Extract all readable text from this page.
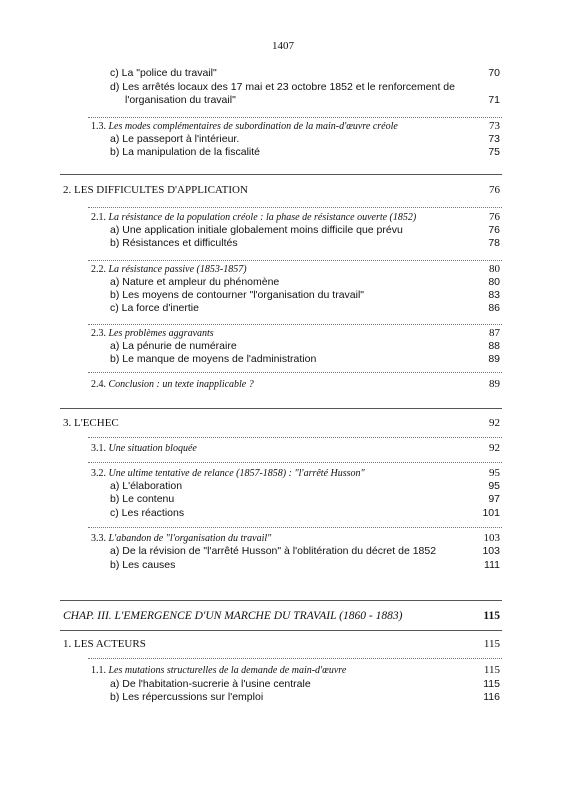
1407
c) La "police du travail"	70
d) Les arrêtés locaux des 17 mai et 23 octobre 1852 et le renforcement de
l'organisation du travail"	71
1.3. Les modes complémentaires de subordination de la main-d'œuvre créole	73
a) Le passeport à l'intérieur.	73
b) La manipulation de la fiscalité	75
2. LES DIFFICULTES D'APPLICATION	76
2.1. La résistance de la population créole : la phase de résistance ouverte (1852)	76
a) Une application initiale globalement moins difficile que prévu	76
b) Résistances et difficultés	78
2.2. La résistance passive (1853-1857)	80
a) Nature et ampleur du phénomène	80
b) Les moyens de contourner "l'organisation du travail"	83
c) La force d'inertie	86
2.3. Les problèmes aggravants	87
a) La pénurie de numéraire	88
b) Le manque de moyens de l'administration	89
2.4. Conclusion : un texte inapplicable ?	89
3. L'ECHEC	92
3.1. Une situation bloquée	92
3.2. Une ultime tentative de relance (1857-1858) : "l'arrêté Husson"	95
a) L'élaboration	95
b) Le contenu	97
c) Les réactions	101
3.3. L'abandon de "l'organisation du travail"	103
a) De la révision de "l'arrêté Husson" à l'oblitération du décret de 1852	103
b) Les causes	111
CHAP. III. L'EMERGENCE D'UN MARCHE DU TRAVAIL (1860 - 1883)	115
1. LES ACTEURS	115
1.1. Les mutations structurelles de la demande de main-d'œuvre	115
a) De l'habitation-sucrerie à l'usine centrale	115
b) Les répercussions sur l'emploi	116
